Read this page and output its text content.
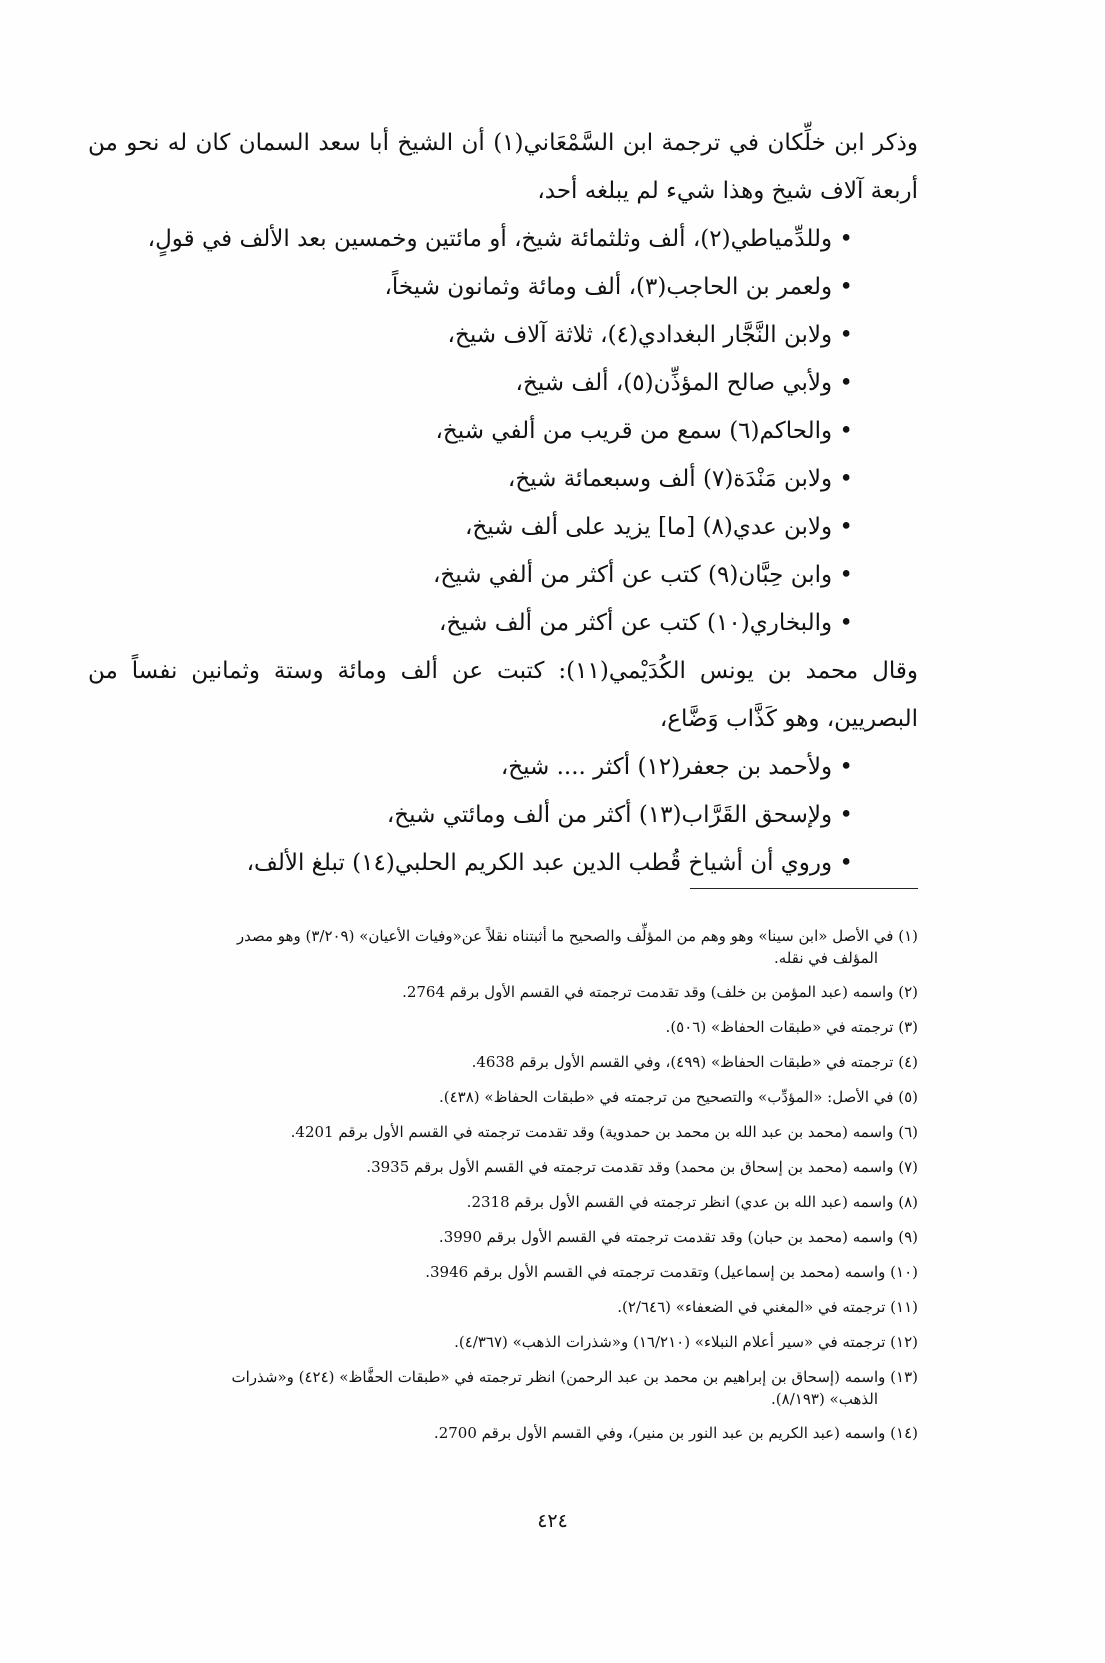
وذكر ابن خلِّكان في ترجمة ابن السَّمْعَاني(١) أن الشيخ أبا سعد السمان كان له نحو من
أربعة آلاف شيخ وهذا شيء لم يبلغه أحد،
• وللدِّمياطي(٢)، ألف وثلثمائة شيخ، أو مائتين وخمسين بعد الألف في قولٍ،
• ولعمر بن الحاجب(٣)، ألف ومائة وثمانون شيخاً،
• ولابن النَّجَّار البغدادي(٤)، ثلاثة آلاف شيخ،
• ولأبي صالح المؤذِّن(٥)، ألف شيخ،
• والحاكم(٦) سمع من قريب من ألفي شيخ،
• ولابن مَنْدَة(٧) ألف وسبعمائة شيخ،
• ولابن عدي(٨) [ما] يزيد على ألف شيخ،
• وابن حِبَّان(٩) كتب عن أكثر من ألفي شيخ،
• والبخاري(١٠) كتب عن أكثر من ألف شيخ،
وقال محمد بن يونس الكُدَيْمي(١١): كتبت عن ألف ومائة وستة وثمانين نفساً من
البصريين، وهو كَذَّاب وَضَّاع،
• ولأحمد بن جعفر(١٢) أكثر .... شيخ،
• ولإسحق القَرَّاب(١٣) أكثر من ألف ومائتي شيخ،
• وروي أن أشياخ قُطب الدين عبد الكريم الحلبي(١٤) تبلغ الألف،
(١) في الأصل «ابن سينا» وهو وهم من المؤلِّف والصحيح ما أثبتناه نقلاً عن«وفيات الأعيان» (٣/٢٠٩) وهو مصدر
المؤلف في نقله.
(٢) واسمه (عبد المؤمن بن خلف) وقد تقدمت ترجمته في القسم الأول برقم 2764.
(٣) ترجمته في «طبقات الحفاظ» (٥٠٦).
(٤) ترجمته في «طبقات الحفاظ» (٤٩٩)، وفي القسم الأول برقم 4638.
(٥) في الأصل: «المؤدِّب» والتصحيح من ترجمته في «طبقات الحفاظ» (٤٣٨).
(٦) واسمه (محمد بن عبد الله بن محمد بن حمدوية) وقد تقدمت ترجمته في القسم الأول برقم 4201.
(٧) واسمه (محمد بن إسحاق بن محمد) وقد تقدمت ترجمته في القسم الأول برقم 3935.
(٨) واسمه (عبد الله بن عدي) انظر ترجمته في القسم الأول برقم 2318.
(٩) واسمه (محمد بن حبان) وقد تقدمت ترجمته في القسم الأول برقم 3990.
(١٠) واسمه (محمد بن إسماعيل) وتقدمت ترجمته في القسم الأول برقم 3946.
(١١) ترجمته في «المغني في الضعفاء» (٢/٦٤٦).
(١٢) ترجمته في «سير أعلام النبلاء» (١٦/٢١٠) و«شذرات الذهب» (٤/٣٦٧).
(١٣) واسمه (إسحاق بن إبراهيم بن محمد بن عبد الرحمن) انظر ترجمته في «طبقات الحفَّاظ» (٤٢٤) و«شذرات
الذهب» (٨/١٩٣).
(١٤) واسمه (عبد الكريم بن عبد النور بن منير)، وفي القسم الأول برقم 2700.
٤٢٤
